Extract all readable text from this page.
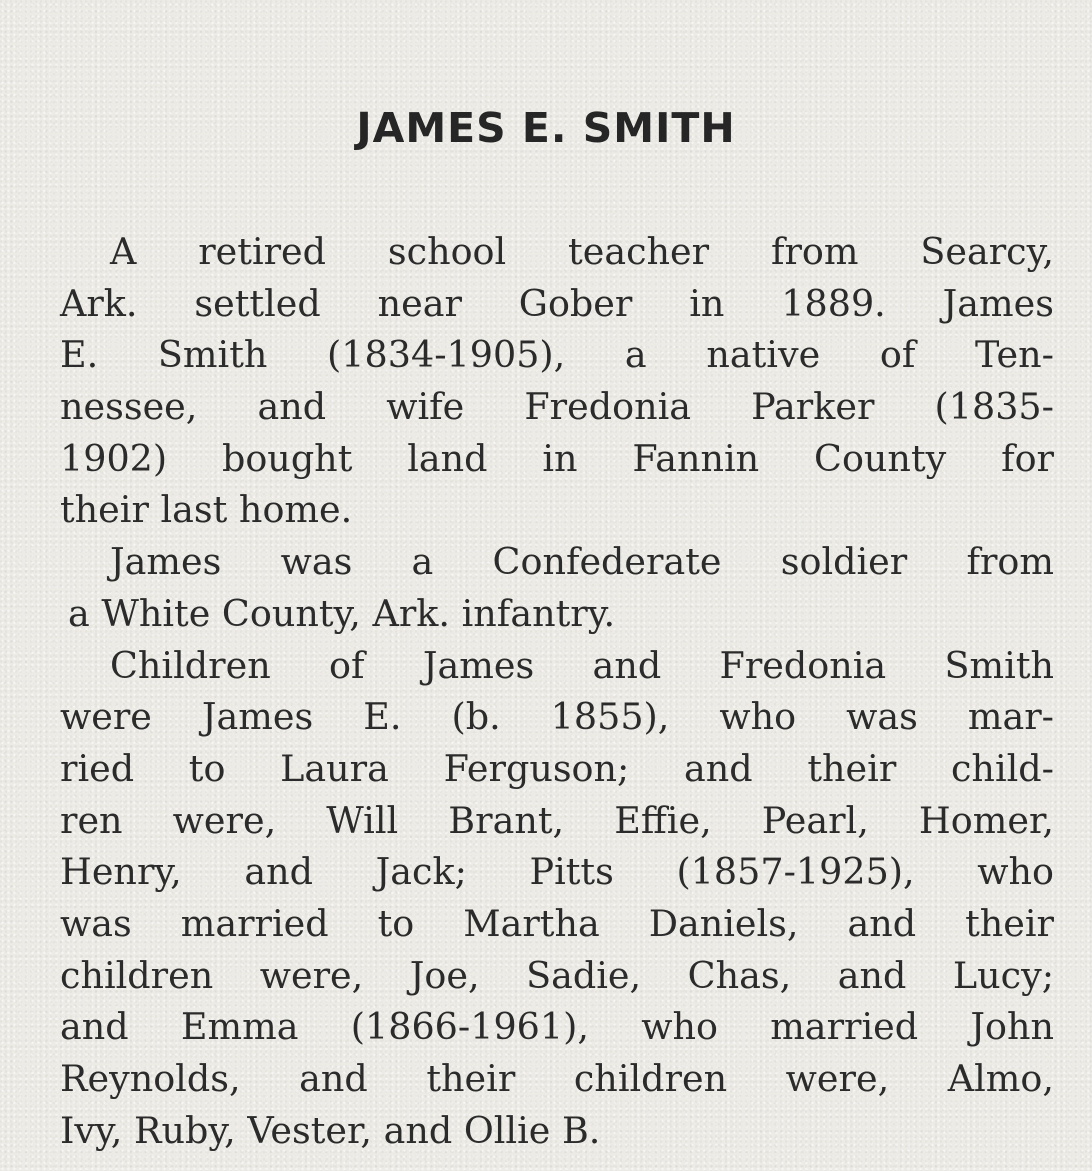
JAMES E. SMITH
A retired school teacher from Searcy,
Ark. settled near Gober in 1889. James
E. Smith (1834-1905), a native of Ten-
nessee, and wife Fredonia Parker (1835-
1902) bought land in Fannin County for
their last home.
James was a Confederate soldier from
a White County, Ark. infantry.
Children of James and Fredonia Smith
were James E. (b. 1855), who was mar-
ried to Laura Ferguson; and their child-
ren were, Will Brant, Effie, Pearl, Homer,
Henry, and Jack; Pitts (1857-1925), who
was married to Martha Daniels, and their
children were, Joe, Sadie, Chas, and Lucy;
and Emma (1866-1961), who married John
Reynolds, and their children were, Almo,
Ivy, Ruby, Vester, and Ollie B.
